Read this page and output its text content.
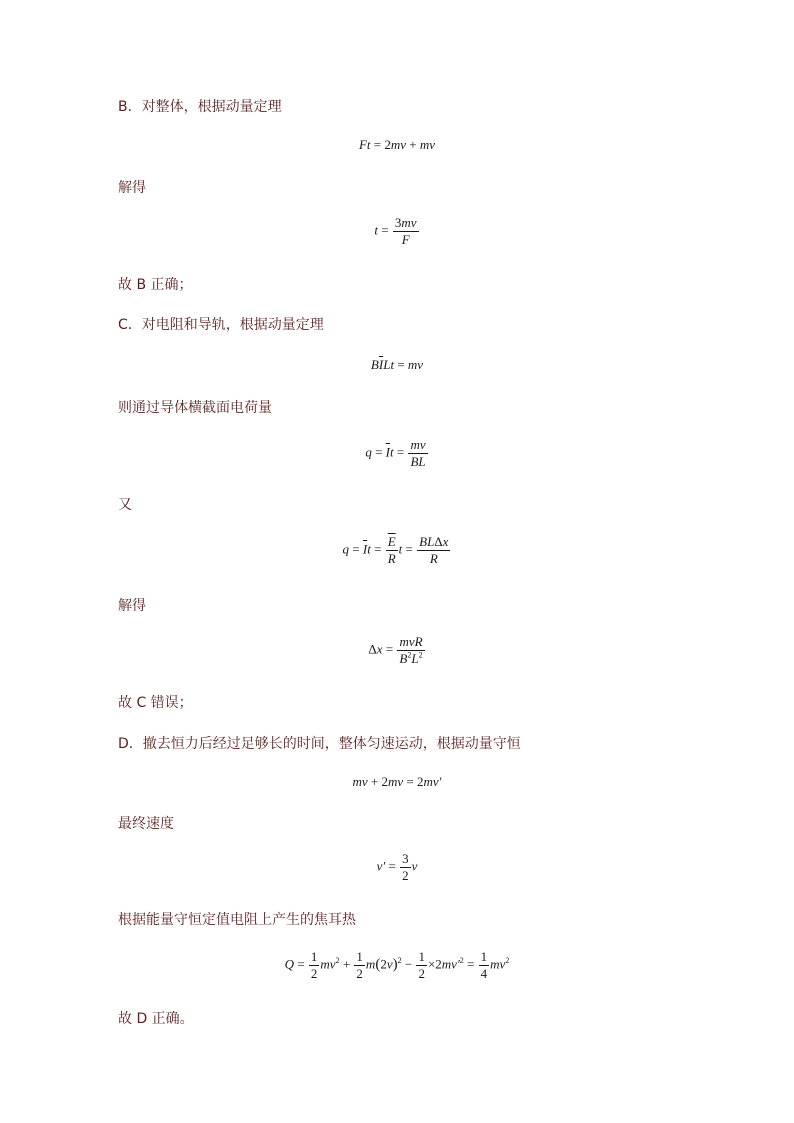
B．对整体，根据动量定理
Ft = 2mv + mv
解得
$t = \frac{3mv}{F}$
故 B 正确；
C．对电阻和导轨，根据动量定理
$B\overline{I}Lt$ = mv
则通过导体横截面电荷量
$q = \overline{I}t = \frac{mv}{BL}$
又
$q = \overline{I}t = \frac{\overline{E}}{R}$ $t = \frac{\text{BLΔx}}{R}$
解得
$\Delta x = \frac{\text{mvR}}{B^2L^2}$
故 C 错误；
D．撤去恒力后经过足够长的时间，整体匀速运动，根据动量守恒
mv + 2mv = 2mv′
最终速度
$v' = \frac{3}{2}$ v
根据能量守恒定值电阻上产生的焦耳热
$Q = \frac{1}{2} mv^2 + \frac{1}{2} m(2v)^2 - \frac{1}{2} \times 2mv'^2 = \frac{1}{4} mv^2$
故 D 正确。
